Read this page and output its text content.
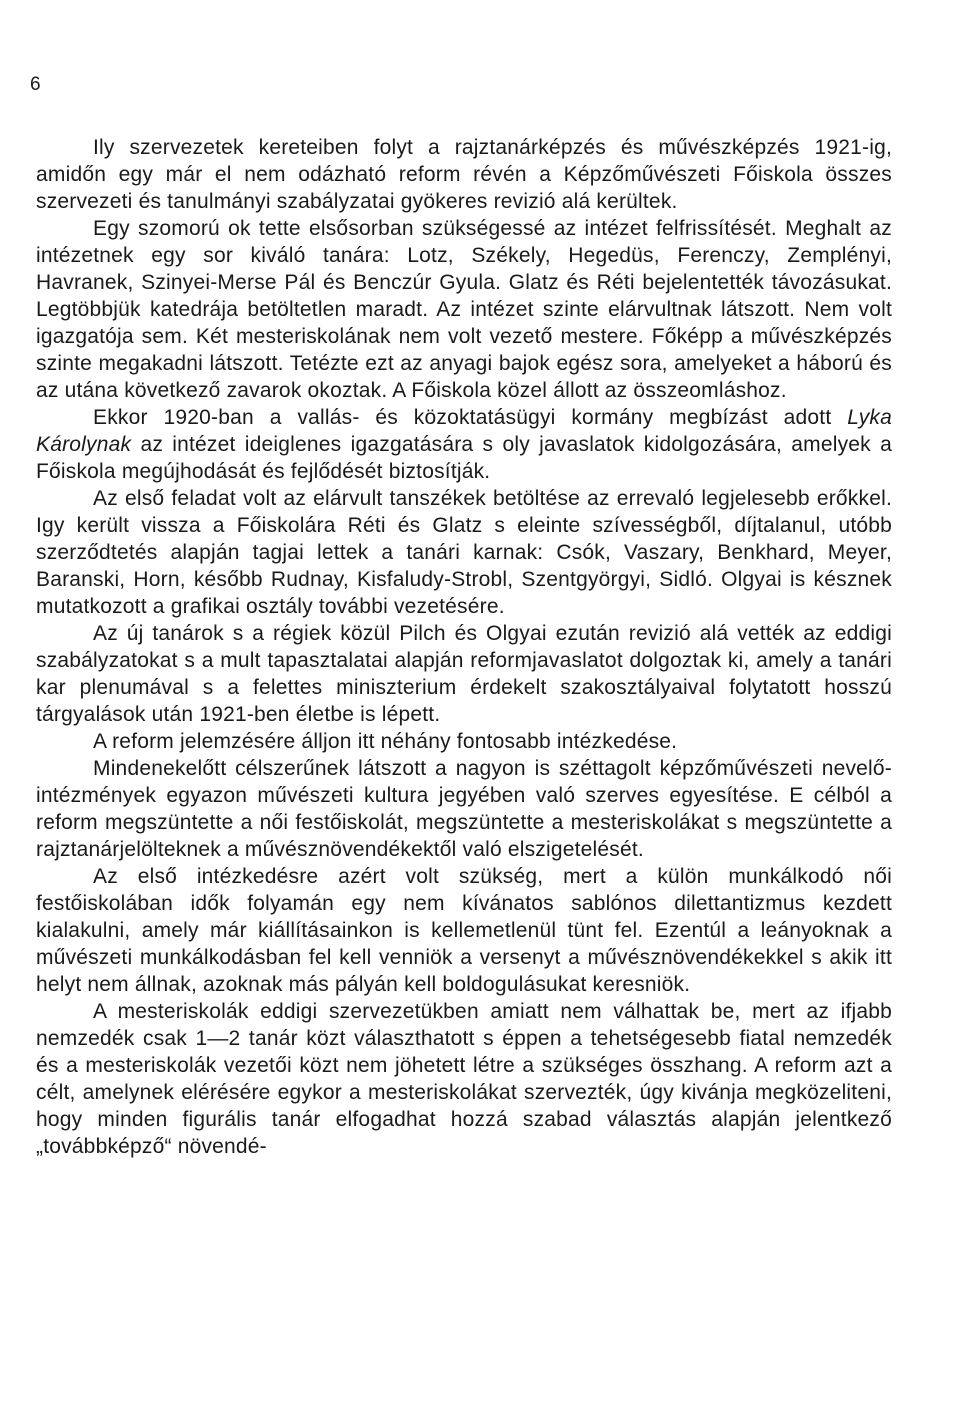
6

Ily szervezetek kereteiben folyt a rajztanárképzés és művészképzés 1921-ig, amidőn egy már el nem odázható reform révén a Képzőművészeti Főiskola összes szervezeti és tanulmányi szabályzatai gyökeres revizió alá kerültek.

Egy szomorú ok tette elsősorban szükségessé az intézet felfrissítését. Meghalt az intézetnek egy sor kiváló tanára: Lotz, Székely, Hegedüs, Ferenczy, Zemplényi, Havranek, Szinyei-Merse Pál és Benczúr Gyula. Glatz és Réti bejelentették távozásukat. Legtöbbjük katedrája betöltetlen maradt. Az intézet szinte elárvultnak látszott. Nem volt igazgatója sem. Két mesteriskolának nem volt vezető mestere. Főképp a művészképzés szinte megakadni látszott. Tetézte ezt az anyagi bajok egész sora, amelyeket a háború és az utána következő zavarok okoztak. A Főiskola közel állott az összeomláshoz.

Ekkor 1920-ban a vallás- és közoktatásügyi kormány megbízást adott Lyka Károlynak az intézet ideiglenes igazgatására s oly javaslatok kidolgozására, amelyek a Főiskola megújhodását és fejlődését biztosítják.

Az első feladat volt az elárvult tanszékek betöltése az errevaló legjelesebb erőkkel. Igy került vissza a Főiskolára Réti és Glatz s eleinte szívességből, díjtalanul, utóbb szerződtetés alapján tagjai lettek a tanári karnak: Csók, Vaszary, Benkhard, Meyer, Baranski, Horn, később Rudnay, Kisfaludy-Strobl, Szentgyörgyi, Sidló. Olgyai is késznek mutatkozott a grafikai osztály további vezetésére.

Az új tanárok s a régiek közül Pilch és Olgyai ezután revizió alá vették az eddigi szabályzatokat s a mult tapasztalatai alapján reformjavaslatot dolgoztak ki, amely a tanári kar plenumával s a felettes miniszterium érdekelt szakosztályaival folytatott hosszú tárgyalások után 1921-ben életbe is lépett.

A reform jelemzésére álljon itt néhány fontosabb intézkedése.

Mindenekelőtt célszerűnek látszott a nagyon is széttagolt képzőművészeti nevelő-intézmények egyazon művészeti kultura jegyében való szerves egyesítése. E célból a reform megszüntette a női festőiskolát, megszüntette a mesteriskolákat s megszüntette a rajztanárjelölteknek a művésznövendékektől való elszigetelését.

Az első intézkedésre azért volt szükség, mert a külön munkálkodó női festőiskolában idők folyamán egy nem kívánatos sablónos dilettantizmus kezdett kialakulni, amely már kiállításainkon is kellemetlenül tünt fel. Ezentúl a leányoknak a művészeti munkálkodásban fel kell venniök a versenyt a művésznövendékekkel s akik itt helyt nem állnak, azoknak más pályán kell boldogulásukat keresniök.

A mesteriskolák eddigi szervezetükben amiatt nem válhattak be, mert az ifjabb nemzedék csak 1—2 tanár közt választhatott s éppen a tehetségesebb fiatal nemzedék és a mesteriskolák vezetői közt nem jöhetett létre a szükséges összhang. A reform azt a célt, amelynek elérésére egykor a mesteriskolákat szervezték, úgy kivánja megközeliteni, hogy minden figurális tanár elfogadhat hozzá szabad választás alapján jelentkező „továbbképző“ növendé-
